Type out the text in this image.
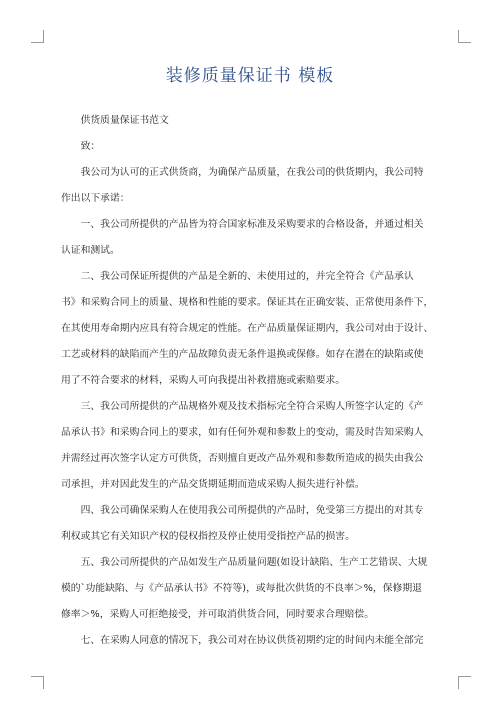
装修质量保证书 模板
供货质量保证书范文
致：
我公司为认可的正式供货商，为确保产品质量，在我公司的供货期内，我公司特
作出以下承诺：
一、我公司所提供的产品皆为符合国家标准及采购要求的合格设备，并通过相关
认证和测试。
二、我公司保证所提供的产品是全新的、未使用过的，并完全符合《产品承认
书》和采购合同上的质量、规格和性能的要求。保证其在正确安装、正常使用条件下，
在其使用寿命期内应具有符合规定的性能。在产品质量保证期内，我公司对由于设计、
工艺或材料的缺陷而产生的产品故障负责无条件退换或保修。如存在潜在的缺陷或使
用了不符合要求的材料，采购人可向我提出补救措施或索赔要求。
三、我公司所提供的产品规格外观及技术指标完全符合采购人所签字认定的《产
品承认书》和采购合同上的要求，如有任何外观和参数上的变动，需及时告知采购人
并需经过再次签字认定方可供货，否则擅自更改产品外观和参数所造成的损失由我公
司承担，并对因此发生的产品交货期延期而造成采购人损失进行补偿。
四、我公司确保采购人在使用我公司所提供的产品时，免受第三方提出的对其专
利权或其它有关知识产权的侵权指控及停止使用受指控产品的损害。
五、我公司所提供的产品如发生产品质量问题(如设计缺陷、生产工艺错误、大规
模的`功能缺陷、与《产品承认书》不符等)，或每批次供货的不良率＞%，保修期退
修率＞%，采购人可拒绝接受，并可取消供货合同，同时要求合理赔偿。
七、在采购人同意的情况下，我公司对在协议供货初期约定的时间内未能全部完
